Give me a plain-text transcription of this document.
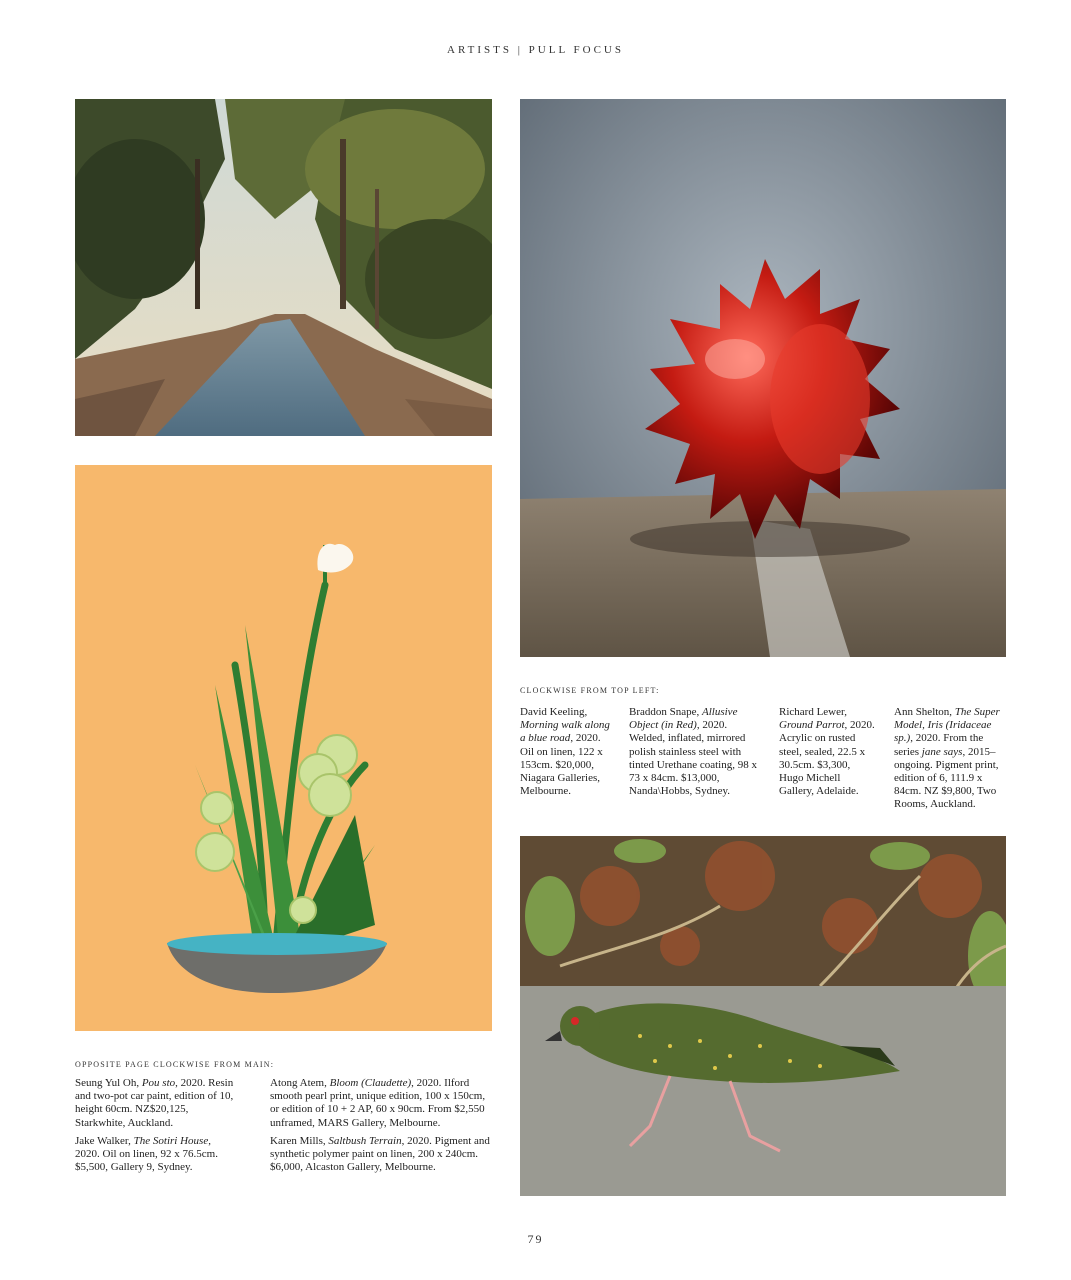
ARTISTS | PULL FOCUS
CLOCKWISE FROM TOP LEFT:
David Keeling, Morning walk along a blue road, 2020. Oil on linen, 122 x 153cm. $20,000, Niagara Galleries, Melbourne.
Braddon Snape, Allusive Object (in Red), 2020. Welded, inflated, mirrored polish stainless steel with tinted Urethane coating, 98 x 73 x 84cm. $13,000, Nanda\Hobbs, Sydney.
Richard Lewer, Ground Parrot, 2020. Acrylic on rusted steel, sealed, 22.5 x 30.5cm. $3,300, Hugo Michell Gallery, Adelaide.
Ann Shelton, The Super Model, Iris (Iridaceae sp.), 2020. From the series jane says, 2015–ongoing. Pigment print, edition of 6, 111.9 x 84cm. NZ $9,800, Two Rooms, Auckland.
OPPOSITE PAGE CLOCKWISE FROM MAIN:

Seung Yul Oh, Pou sto, 2020. Resin and two-pot car paint, edition of 10, height 60cm. NZ$20,125, Starkwhite, Auckland.

Jake Walker, The Sotiri House, 2020. Oil on linen, 92 x 76.5cm. $5,500, Gallery 9, Sydney.

Atong Atem, Bloom (Claudette), 2020. Ilford smooth pearl print, unique edition, 100 x 150cm, or edition of 10 + 2 AP, 60 x 90cm. From $2,550 unframed, MARS Gallery, Melbourne.

Karen Mills, Saltbush Terrain, 2020. Pigment and synthetic polymer paint on linen, 200 x 240cm. $6,000, Alcaston Gallery, Melbourne.

79
